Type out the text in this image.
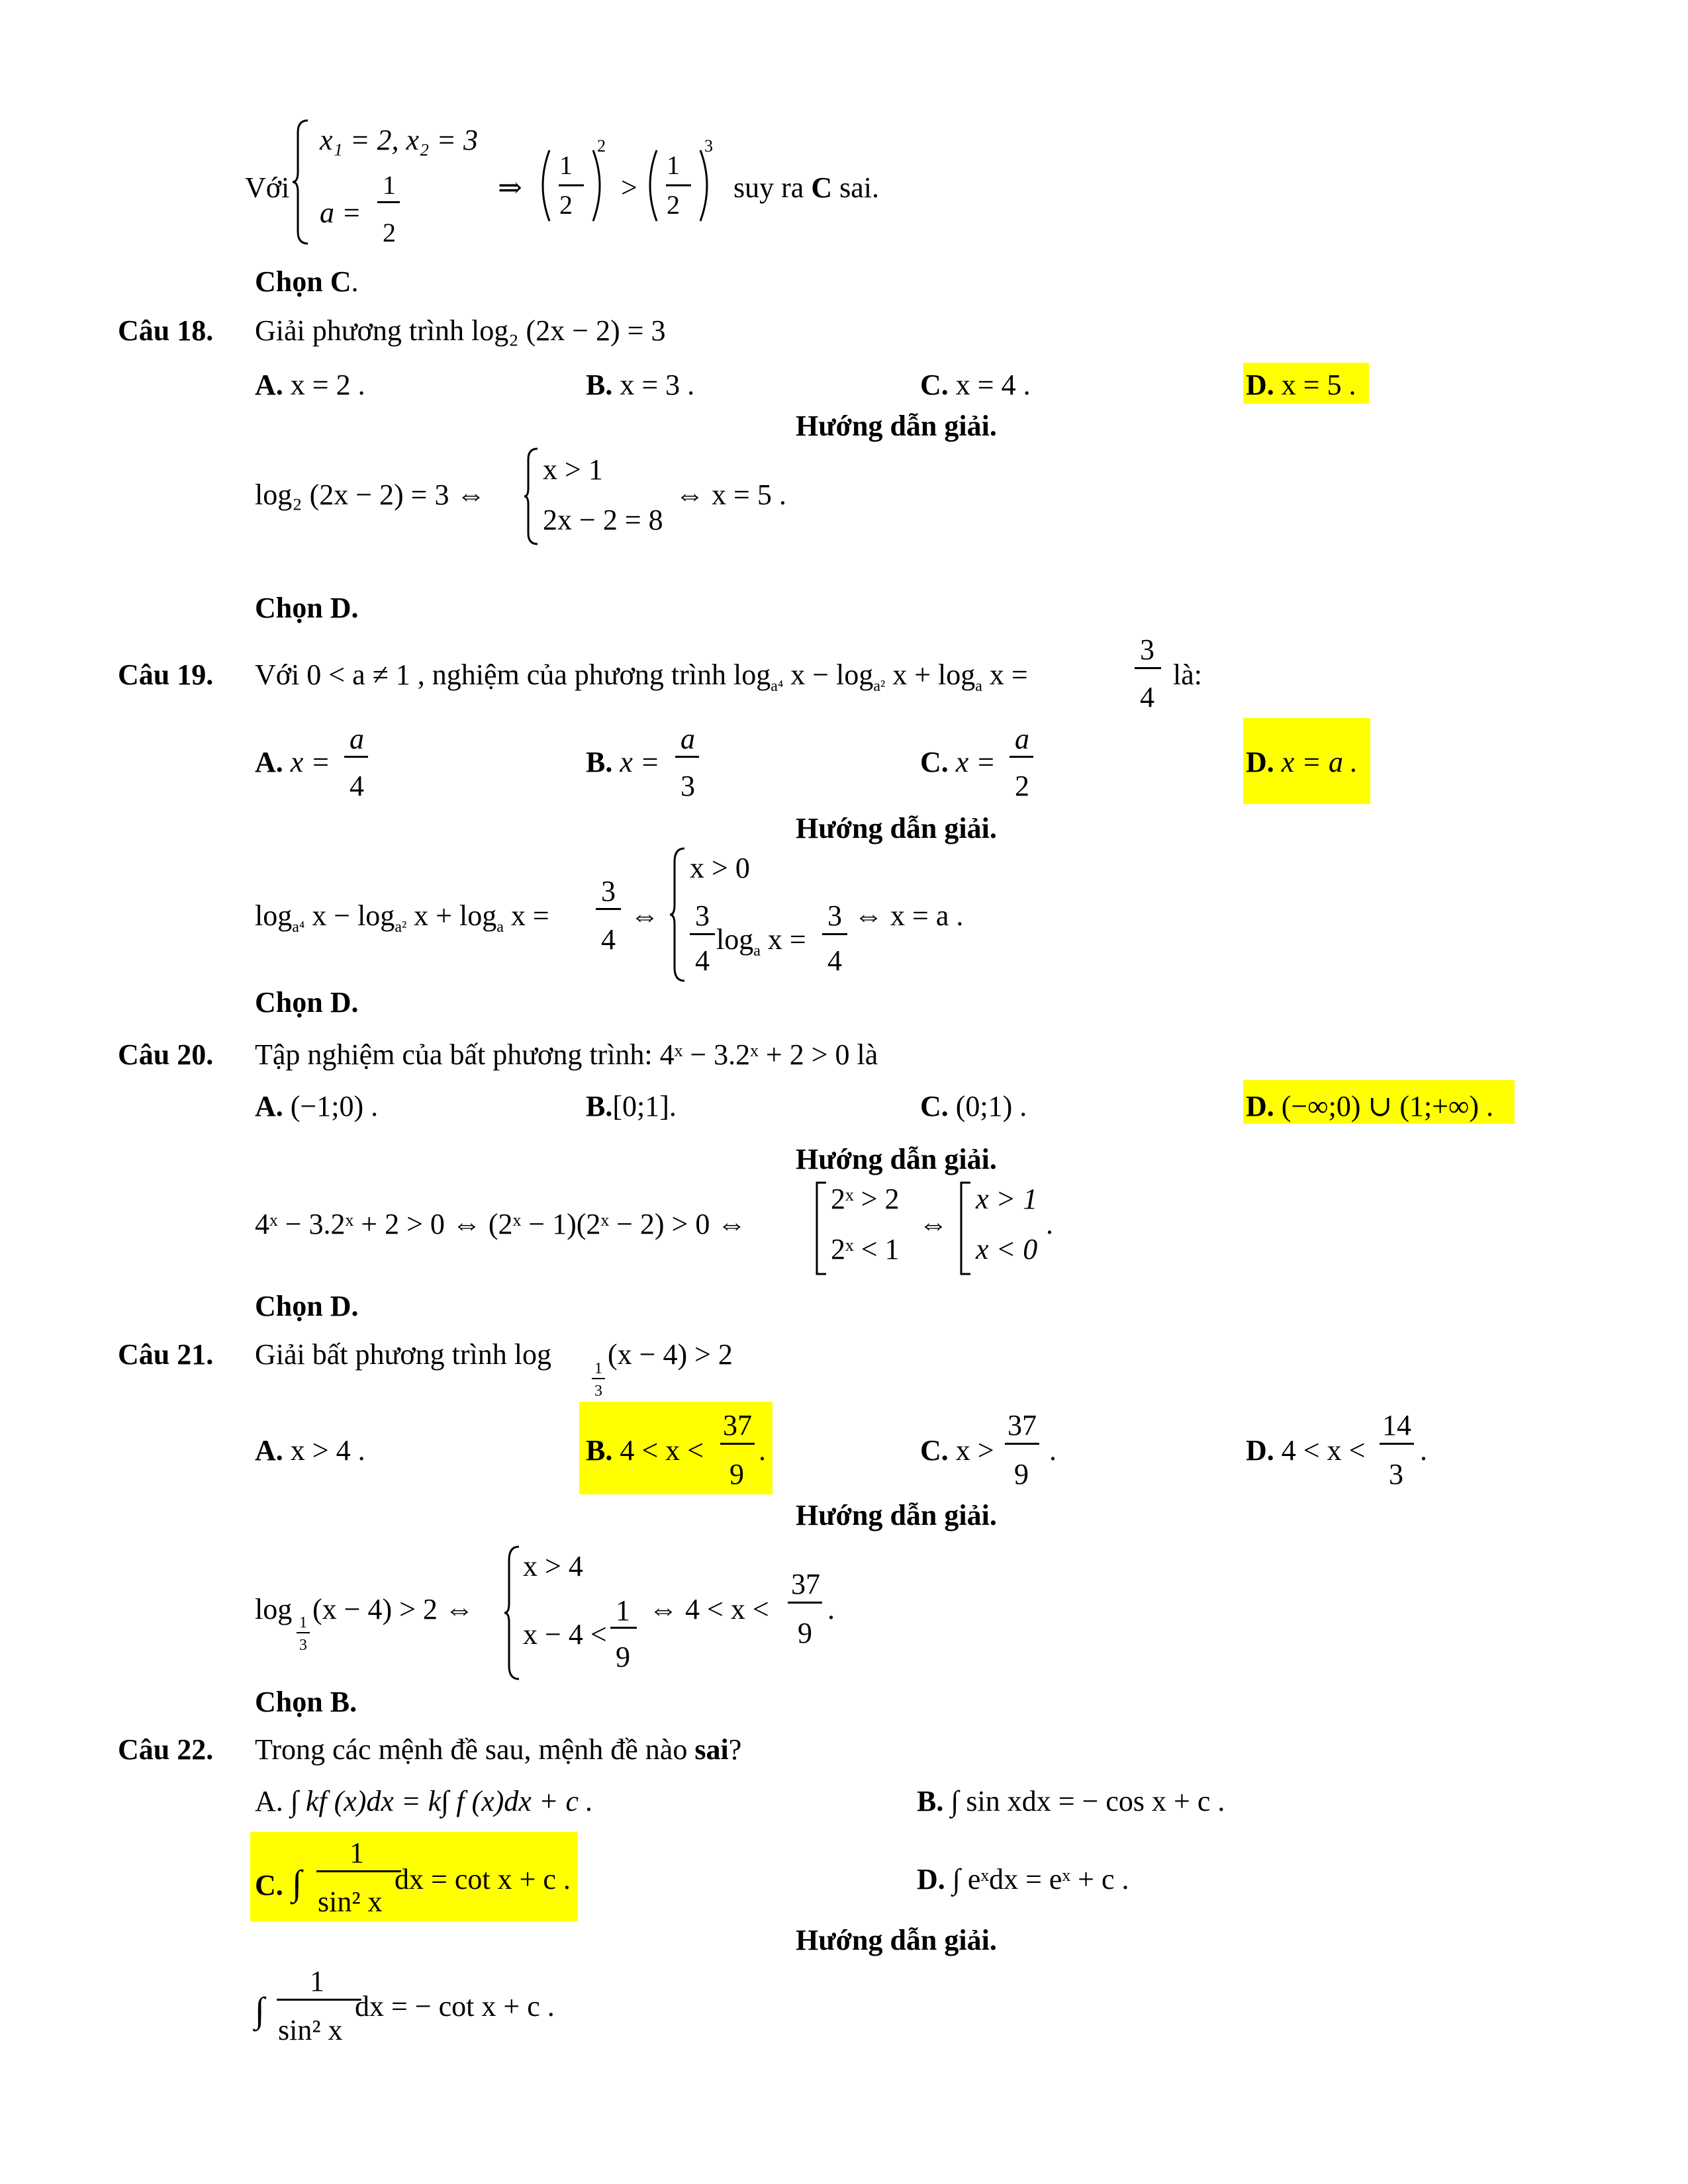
Với
x₁ = 2, x₂ = 3
a =
1
2
⇒
1
2
2
>
1
2
3
suy ra C sai.
Chọn C.
Câu 18. Giải phương trình log₂ (2x − 2) = 3
A. x = 2 .	B. x = 3 .	C. x = 4 .	D. x = 5 .
Hướng dẫn giải.
log₂ (2x − 2) = 3 ⇔
x > 1
2x − 2 = 8
⇔ x = 5 .
Chọn D.
Câu 19. Với 0 < a ≠ 1 , nghiệm của phương trình $\log_{a^4} x - \log_{a^2} x + \log_a x$ =
3
4
là:
A. x =
a
4
B. x =
a
3
C. x =
a
2
D. x = a .
Hướng dẫn giải.
$\log_{a^4} x - \log_{a^2} x + \log_a x$ =
3
4
⇔
x > 0
3
4
$\log_a x$ =
3
4
⇔ x = a .
Chọn D.
Câu 20. Tập nghiệm của bất phương trình: 4ˣ − 3.2ˣ + 2 > 0 là
A. (−1;0) .	B.[0;1].	C. (0;1) .	D. (−∞;0) ∪ (1;+∞) .
Hướng dẫn giải.
4ˣ − 3.2ˣ + 2 > 0 ⇔ (2ˣ − 1)(2ˣ − 2) > 0 ⇔
2ˣ > 2
2ˣ < 1
⇔
x > 1
x < 0
.
Chọn D.
Câu 21. Giải bất phương trình log	1
3
(x − 4) > 2
A. x > 4 .	B. 4 < x <
37
9
.	C. x >
37
9
.	D. 4 < x <
14
3
.
Hướng dẫn giải.
log 1
3
(x − 4) > 2 ⇔
x > 4
x − 4 <
1
9
⇔ 4 < x <
37
9
.
Chọn B.
Câu 22. Trong các mệnh đề sau, mệnh đề nào sai?
A. ∫ kf (x)dx = k∫ f (x)dx + c .	B. ∫ sin xdx = − cos x + c .
C. ∫
1
sin² x
dx = cot x + c .	D. ∫ eˣdx = eˣ + c .
Hướng dẫn giải.
∫
1
sin² x
dx = − cot x + c .
